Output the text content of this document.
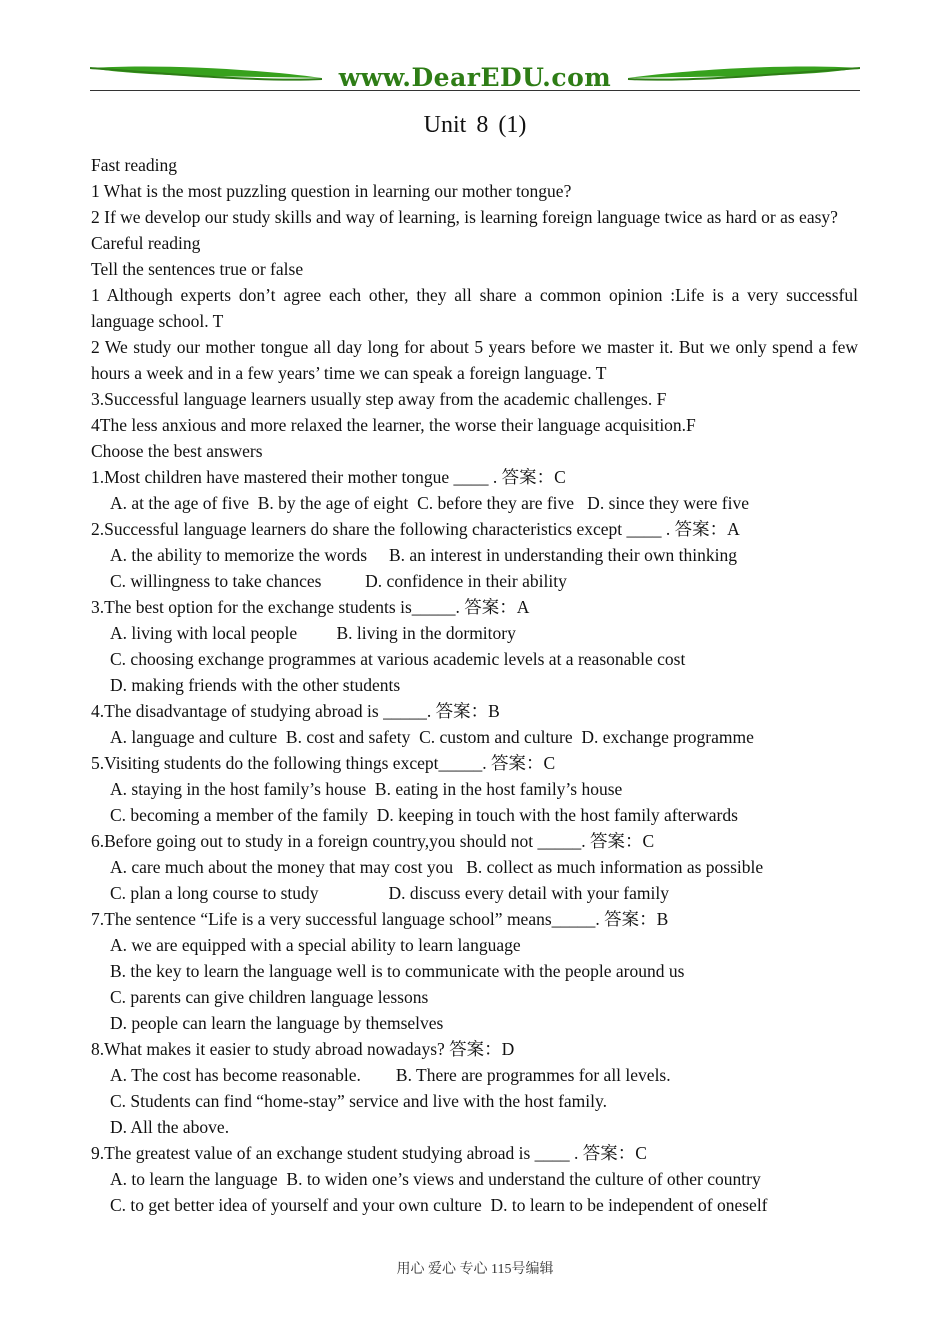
www.DearEDU.com
Unit 8 (1)

Fast reading

1 What is the most puzzling question in learning our mother tongue?

2 If we develop our study skills and way of learning, is learning foreign language twice as hard or as easy?

Careful reading

Tell the sentences true or false

1 Although experts don’t agree each other, they all share a common opinion :Life is a very successful language school. T

2 We study our mother tongue all day long for about 5 years before we master it. But we only spend a few hours a week and in a few years’ time we can speak a foreign language. T

3.Successful language learners usually step away from the academic challenges. F

4The less anxious and more relaxed the learner, the worse their language acquisition.F

Choose the best answers

1.Most children have mastered their mother tongue ____ . 答案：C

A. at the age of five  B. by the age of eight  C. before they are five   D. since they were five

2.Successful language learners do share the following characteristics except ____ . 答案：A

A. the ability to memorize the words     B. an interest in understanding their own thinking

C. willingness to take chances          D. confidence in their ability

3.The best option for the exchange students is_____. 答案：A

A. living with local people         B. living in the dormitory

C. choosing exchange programmes at various academic levels at a reasonable cost

D. making friends with the other students

4.The disadvantage of studying abroad is _____. 答案：B

A. language and culture  B. cost and safety  C. custom and culture  D. exchange programme

5.Visiting students do the following things except_____. 答案：C

A. staying in the host family’s house  B. eating in the host family’s house

C. becoming a member of the family  D. keeping in touch with the host family afterwards

6.Before going out to study in a foreign country,you should not _____. 答案：C

A. care much about the money that may cost you   B. collect as much information as possible

C. plan a long course to study                D. discuss every detail with your family

7.The sentence “Life is a very successful language school” means_____. 答案：B

A. we are equipped with a special ability to learn language

B. the key to learn the language well is to communicate with the people around us

C. parents can give children language lessons

D. people can learn the language by themselves

8.What makes it easier to study abroad nowadays? 答案：D

A. The cost has become reasonable.        B. There are programmes for all levels.

C. Students can find “home-stay” service and live with the host family.

D. All the above.

9.The greatest value of an exchange student studying abroad is ____ . 答案：C

A. to learn the language  B. to widen one’s views and understand the culture of other country

C. to get better idea of yourself and your own culture  D. to learn to be independent of oneself

用心 爱心 专心 115号编辑
